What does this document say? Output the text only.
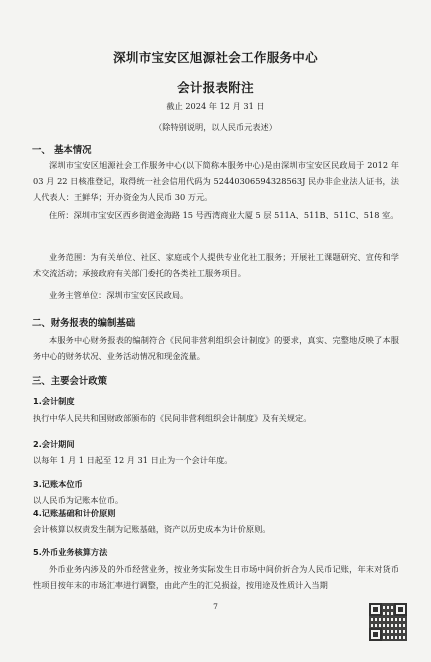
深圳市宝安区旭源社会工作服务中心
会计报表附注
截止 2024 年 12 月 31 日
（除特别说明，以人民币元表述）
一、 基本情况

深圳市宝安区旭源社会工作服务中心(以下简称本服务中心)是由深圳市宝安区民政局于 2012 年 03 月 22 日核准登记，取得统一社会信用代码为 52440306594328563J 民办非企业法人证书，法人代表人：王鲜华；开办资金为人民币 30 万元。

住所：深圳市宝安区西乡街道金海路 15 号西湾商业大厦 5 层 511A、511B、511C、518 室。

业务范围：为有关单位、社区、家庭或个人提供专业化社工服务；开展社工课题研究、宣传和学术交流活动；承接政府有关部门委托的各类社工服务项目。

业务主管单位：深圳市宝安区民政局。

二、财务报表的编制基础

本服务中心财务报表的编制符合《民间非营利组织会计制度》的要求，真实、完整地反映了本服务中心的财务状况、业务活动情况和现金流量。

三、主要会计政策
1.会计制度

执行中华人民共和国财政部颁布的《民间非营利组织会计制度》及有关规定。

2.会计期间

以每年 1 月 1 日起至 12 月 31 日止为一个会计年度。

3.记账本位币

以人民币为记账本位币。

4.记账基础和计价原则

会计核算以权责发生制为记账基础，资产以历史成本为计价原则。

5.外币业务核算方法

外币业务内涉及的外币经营业务，按业务实际发生日市场中间价折合为人民币记账，年末对货币性项目按年末的市场汇率进行调整，由此产生的汇兑损益，按用途及性质计入当期

7
